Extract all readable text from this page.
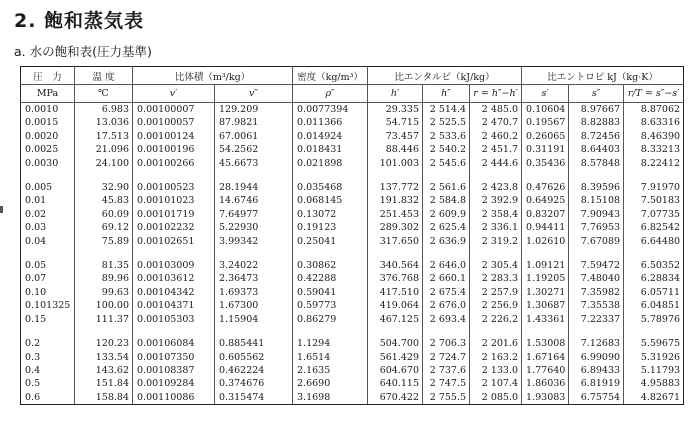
2. 飽和蒸気表
a. 水の飽和表(圧力基準)
圧　力	温 度	比体積（m³/kg）		密度（kg/m³）	比エンタルピ（kJ/kg）			比エントロピ kJ（kg·K）		
MPa	℃	v′	v″	ρ″	h′	h″	r = h″−h′	s′	s″	r/T = s″−s′
0.0010	6.983	0.00100007	129.209	0.0077394	29.335	2 514.4	2 485.0	0.10604	8.97667	8.87062
0.0015	13.036	0.00100057	87.9821	0.011366	54.715	2 525.5	2 470.7	0.19567	8.82883	8.63316
0.0020	17.513	0.00100124	67.0061	0.014924	73.457	2 533.6	2 460.2	0.26065	8.72456	8.46390
0.0025	21.096	0.00100196	54.2562	0.018431	88.446	2 540.2	2 451.7	0.31191	8.64403	8.33213
0.0030	24.100	0.00100266	45.6673	0.021898	101.003	2 545.6	2 444.6	0.35436	8.57848	8.22412

0.005	32.90	0.00100523	28.1944	0.035468	137.772	2 561.6	2 423.8	0.47626	8.39596	7.91970
0.01	45.83	0.00101023	14.6746	0.068145	191.832	2 584.8	2 392.9	0.64925	8.15108	7.50183
0.02	60.09	0.00101719	7.64977	0.13072	251.453	2 609.9	2 358.4	0.83207	7.90943	7.07735
0.03	69.12	0.00102232	5.22930	0.19123	289.302	2 625.4	2 336.1	0.94411	7.76953	6.82542
0.04	75.89	0.00102651	3.99342	0.25041	317.650	2 636.9	2 319.2	1.02610	7.67089	6.64480

0.05	81.35	0.00103009	3.24022	0.30862	340.564	2 646.0	2 305.4	1.09121	7.59472	6.50352
0.07	89.96	0.00103612	2.36473	0.42288	376.768	2 660.1	2 283.3	1.19205	7.48040	6.28834
0.10	99.63	0.00104342	1.69373	0.59041	417.510	2 675.4	2 257.9	1.30271	7.35982	6.05711
0.101325	100.00	0.00104371	1.67300	0.59773	419.064	2 676.0	2 256.9	1.30687	7.35538	6.04851
0.15	111.37	0.00105303	1.15904	0.86279	467.125	2 693.4	2 226.2	1.43361	7.22337	5.78976

0.2	120.23	0.00106084	0.885441	1.1294	504.700	2 706.3	2 201.6	1.53008	7.12683	5.59675
0.3	133.54	0.00107350	0.605562	1.6514	561.429	2 724.7	2 163.2	1.67164	6.99090	5.31926
0.4	143.62	0.00108387	0.462224	2.1635	604.670	2 737.6	2 133.0	1.77640	6.89433	5.11793
0.5	151.84	0.00109284	0.374676	2.6690	640.115	2 747.5	2 107.4	1.86036	6.81919	4.95883
0.6	158.84	0.00110086	0.315474	3.1698	670.422	2 755.5	2 085.0	1.93083	6.75754	4.82671
